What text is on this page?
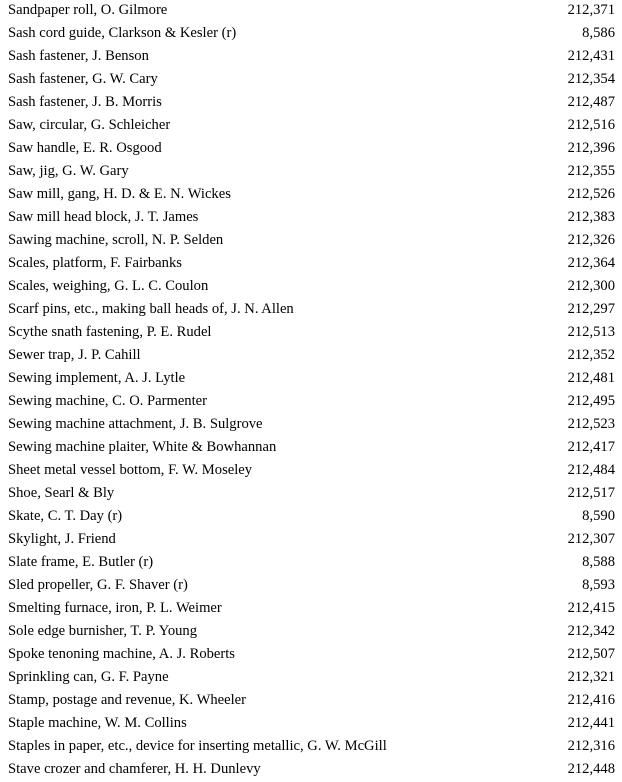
Sandpaper roll, O. Gilmore	212,371
Sash cord guide, Clarkson & Kesler (r)	8,586
Sash fastener, J. Benson	212,431
Sash fastener, G. W. Cary	212,354
Sash fastener, J. B. Morris	212,487
Saw, circular, G. Schleicher	212,516
Saw handle, E. R. Osgood	212,396
Saw, jig, G. W. Gary	212,355
Saw mill, gang, H. D. & E. N. Wickes	212,526
Saw mill head block, J. T. James	212,383
Sawing machine, scroll, N. P. Selden	212,326
Scales, platform, F. Fairbanks	212,364
Scales, weighing, G. L. C. Coulon	212,300
Scarf pins, etc., making ball heads of, J. N. Allen	212,297
Scythe snath fastening, P. E. Rudel	212,513
Sewer trap, J. P. Cahill	212,352
Sewing implement, A. J. Lytle	212,481
Sewing machine, C. O. Parmenter	212,495
Sewing machine attachment, J. B. Sulgrove	212,523
Sewing machine plaiter, White & Bowhannan	212,417
Sheet metal vessel bottom, F. W. Moseley	212,484
Shoe, Searl & Bly	212,517
Skate, C. T. Day (r)	8,590
Skylight, J. Friend	212,307
Slate frame, E. Butler (r)	8,588
Sled propeller, G. F. Shaver (r)	8,593
Smelting furnace, iron, P. L. Weimer	212,415
Sole edge burnisher, T. P. Young	212,342
Spoke tenoning machine, A. J. Roberts	212,507
Sprinkling can, G. F. Payne	212,321
Stamp, postage and revenue, K. Wheeler	212,416
Staple machine, W. M. Collins	212,441
Staples in paper, etc., device for inserting metallic, G. W. McGill	212,316
Stave crozer and chamferer, H. H. Dunlevy	212,448
